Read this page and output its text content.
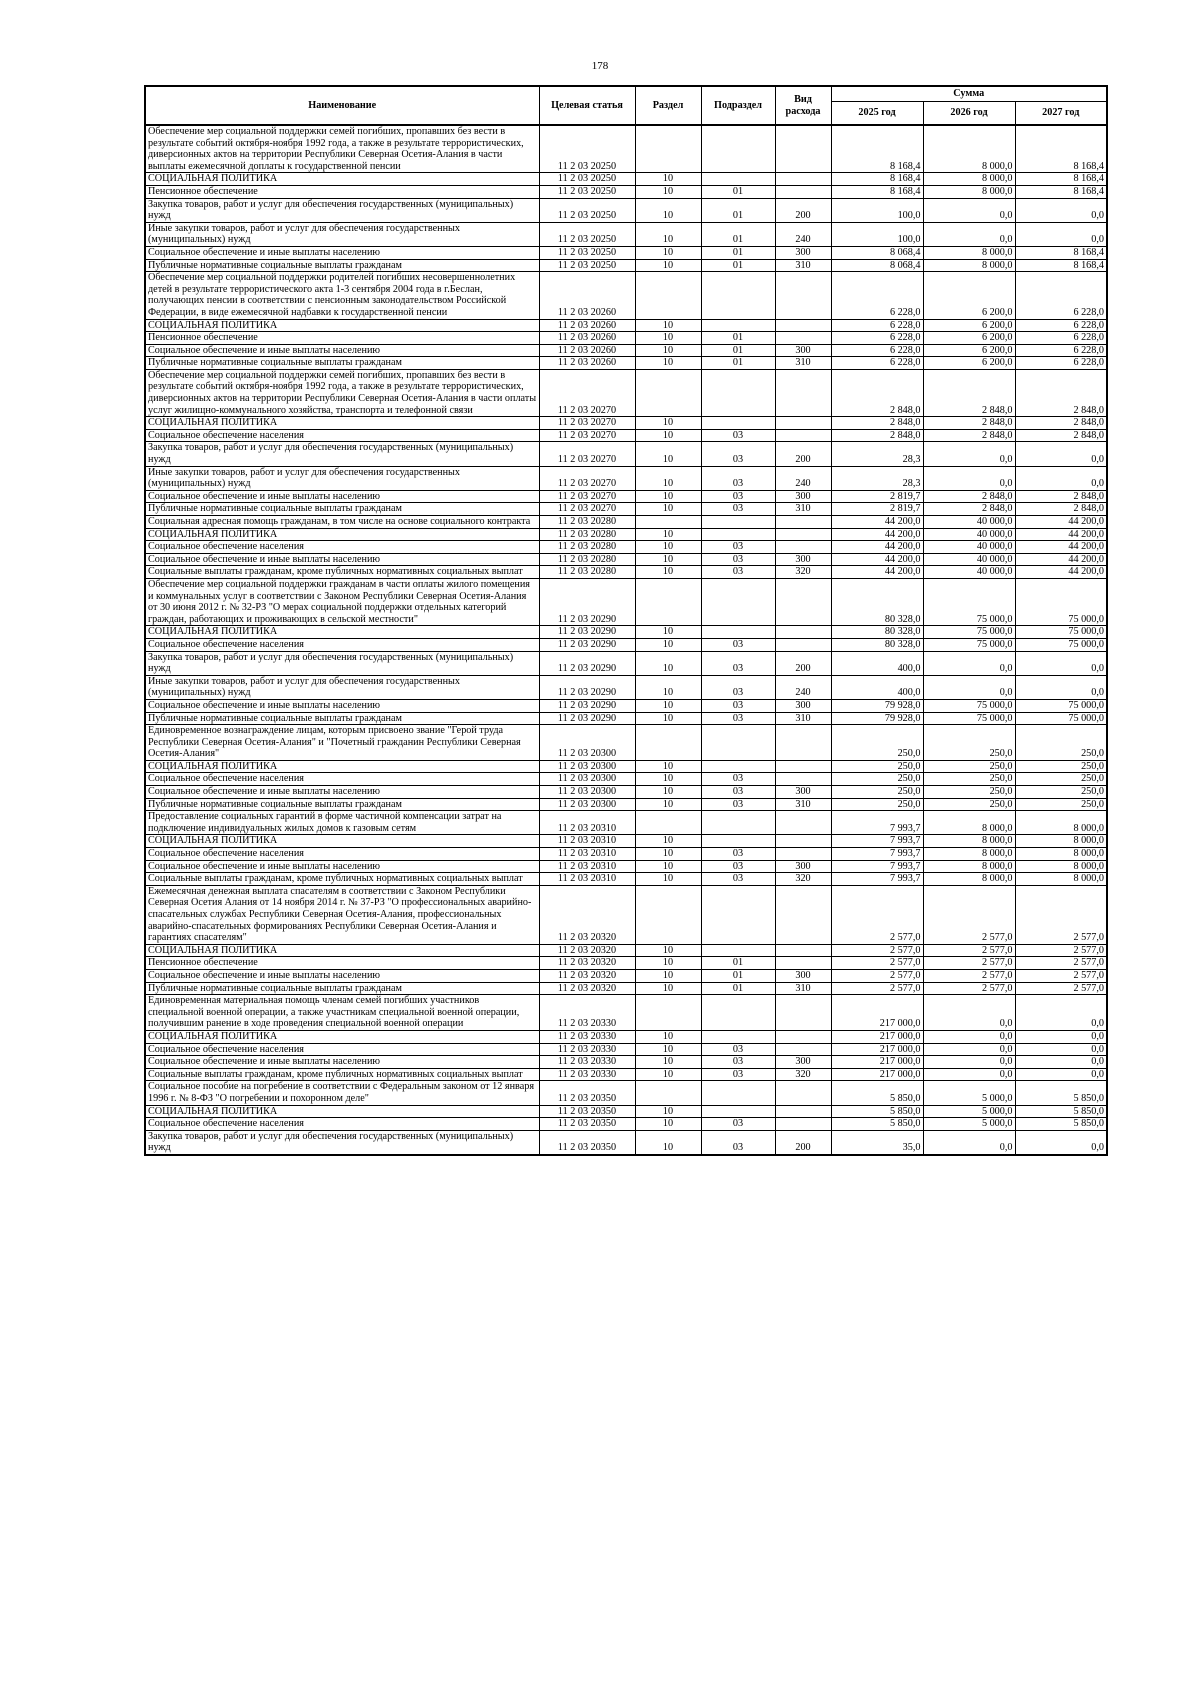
178
Наименование	Целевая статья	Раздел	Подраздел	Вид расхода	Сумма		
					2025 год	2026 год	2027 год
Обеспечение мер социальной поддержки семей погибших, пропавших без вести в результате событий октября-ноября 1992 года, а также в результате террористических, диверсионных актов на территории Республики Северная Осетия-Алания в части выплаты ежемесячной доплаты к государственной пенсии	11 2 03 20250				8 168,4	8 000,0	8 168,4
СОЦИАЛЬНАЯ ПОЛИТИКА	11 2 03 20250	10			8 168,4	8 000,0	8 168,4
Пенсионное обеспечение	11 2 03 20250	10	01		8 168,4	8 000,0	8 168,4
Закупка товаров, работ и услуг для обеспечения государственных (муниципальных) нужд	11 2 03 20250	10	01	200	100,0	0,0	0,0
Иные закупки товаров, работ и услуг для обеспечения государственных (муниципальных) нужд	11 2 03 20250	10	01	240	100,0	0,0	0,0
Социальное обеспечение и иные выплаты населению	11 2 03 20250	10	01	300	8 068,4	8 000,0	8 168,4
Публичные нормативные социальные выплаты гражданам	11 2 03 20250	10	01	310	8 068,4	8 000,0	8 168,4
Обеспечение мер социальной поддержки родителей погибших несовершеннолетних детей в результате террористического акта 1-3 сентября 2004 года в г.Беслан, получающих пенсии в соответствии с пенсионным законодательством Российской Федерации, в виде ежемесячной надбавки к государственной пенсии	11 2 03 20260				6 228,0	6 200,0	6 228,0
СОЦИАЛЬНАЯ ПОЛИТИКА	11 2 03 20260	10			6 228,0	6 200,0	6 228,0
Пенсионное обеспечение	11 2 03 20260	10	01		6 228,0	6 200,0	6 228,0
Социальное обеспечение и иные выплаты населению	11 2 03 20260	10	01	300	6 228,0	6 200,0	6 228,0
Публичные нормативные социальные выплаты гражданам	11 2 03 20260	10	01	310	6 228,0	6 200,0	6 228,0
Обеспечение мер социальной поддержки семей погибших, пропавших без вести в результате событий октября-ноября 1992 года, а также в результате террористических, диверсионных актов на территории Республики Северная Осетия-Алания в части оплаты услуг жилищно-коммунального хозяйства, транспорта и телефонной связи	11 2 03 20270				2 848,0	2 848,0	2 848,0
СОЦИАЛЬНАЯ ПОЛИТИКА	11 2 03 20270	10			2 848,0	2 848,0	2 848,0
Социальное обеспечение населения	11 2 03 20270	10	03		2 848,0	2 848,0	2 848,0
Закупка товаров, работ и услуг для обеспечения государственных (муниципальных) нужд	11 2 03 20270	10	03	200	28,3	0,0	0,0
Иные закупки товаров, работ и услуг для обеспечения государственных (муниципальных) нужд	11 2 03 20270	10	03	240	28,3	0,0	0,0
Социальное обеспечение и иные выплаты населению	11 2 03 20270	10	03	300	2 819,7	2 848,0	2 848,0
Публичные нормативные социальные выплаты гражданам	11 2 03 20270	10	03	310	2 819,7	2 848,0	2 848,0
Социальная адресная помощь гражданам, в том числе на основе социального контракта	11 2 03 20280				44 200,0	40 000,0	44 200,0
СОЦИАЛЬНАЯ ПОЛИТИКА	11 2 03 20280	10			44 200,0	40 000,0	44 200,0
Социальное обеспечение населения	11 2 03 20280	10	03		44 200,0	40 000,0	44 200,0
Социальное обеспечение и иные выплаты населению	11 2 03 20280	10	03	300	44 200,0	40 000,0	44 200,0
Социальные выплаты гражданам, кроме публичных нормативных социальных выплат	11 2 03 20280	10	03	320	44 200,0	40 000,0	44 200,0
Обеспечение мер социальной поддержки гражданам в части оплаты жилого помещения и коммунальных услуг в соответствии с Законом Республики Северная Осетия-Алания от 30 июня 2012 г. № 32-РЗ "О мерах социальной поддержки отдельных категорий граждан, работающих и проживающих в сельской местности"	11 2 03 20290				80 328,0	75 000,0	75 000,0
СОЦИАЛЬНАЯ ПОЛИТИКА	11 2 03 20290	10			80 328,0	75 000,0	75 000,0
Социальное обеспечение населения	11 2 03 20290	10	03		80 328,0	75 000,0	75 000,0
Закупка товаров, работ и услуг для обеспечения государственных (муниципальных) нужд	11 2 03 20290	10	03	200	400,0	0,0	0,0
Иные закупки товаров, работ и услуг для обеспечения государственных (муниципальных) нужд	11 2 03 20290	10	03	240	400,0	0,0	0,0
Социальное обеспечение и иные выплаты населению	11 2 03 20290	10	03	300	79 928,0	75 000,0	75 000,0
Публичные нормативные социальные выплаты гражданам	11 2 03 20290	10	03	310	79 928,0	75 000,0	75 000,0
Единовременное вознаграждение лицам, которым присвоено звание "Герой труда Республики Северная Осетия-Алания" и "Почетный гражданин Республики Северная Осетия-Алания"	11 2 03 20300				250,0	250,0	250,0
СОЦИАЛЬНАЯ ПОЛИТИКА	11 2 03 20300	10			250,0	250,0	250,0
Социальное обеспечение населения	11 2 03 20300	10	03		250,0	250,0	250,0
Социальное обеспечение и иные выплаты населению	11 2 03 20300	10	03	300	250,0	250,0	250,0
Публичные нормативные социальные выплаты гражданам	11 2 03 20300	10	03	310	250,0	250,0	250,0
Предоставление социальных гарантий в форме частичной компенсации затрат на подключение индивидуальных жилых домов к газовым сетям	11 2 03 20310				7 993,7	8 000,0	8 000,0
СОЦИАЛЬНАЯ ПОЛИТИКА	11 2 03 20310	10			7 993,7	8 000,0	8 000,0
Социальное обеспечение населения	11 2 03 20310	10	03		7 993,7	8 000,0	8 000,0
Социальное обеспечение и иные выплаты населению	11 2 03 20310	10	03	300	7 993,7	8 000,0	8 000,0
Социальные выплаты гражданам, кроме публичных нормативных социальных выплат	11 2 03 20310	10	03	320	7 993,7	8 000,0	8 000,0
Ежемесячная денежная выплата спасателям в соответствии с Законом Республики Северная Осетия Алания от 14 ноября 2014 г. № 37-РЗ "О профессиональных аварийно-спасательных службах Республики Северная Осетия-Алания, профессиональных аварийно-спасательных формированиях Республики Северная Осетия-Алания и гарантиях спасателям"	11 2 03 20320				2 577,0	2 577,0	2 577,0
СОЦИАЛЬНАЯ ПОЛИТИКА	11 2 03 20320	10			2 577,0	2 577,0	2 577,0
Пенсионное обеспечение	11 2 03 20320	10	01		2 577,0	2 577,0	2 577,0
Социальное обеспечение и иные выплаты населению	11 2 03 20320	10	01	300	2 577,0	2 577,0	2 577,0
Публичные нормативные социальные выплаты гражданам	11 2 03 20320	10	01	310	2 577,0	2 577,0	2 577,0
Единовременная материальная помощь членам семей погибших участников специальной военной операции, а также участникам специальной военной операции, получившим ранение в ходе проведения специальной военной операции	11 2 03 20330				217 000,0	0,0	0,0
СОЦИАЛЬНАЯ ПОЛИТИКА	11 2 03 20330	10			217 000,0	0,0	0,0
Социальное обеспечение населения	11 2 03 20330	10	03		217 000,0	0,0	0,0
Социальное обеспечение и иные выплаты населению	11 2 03 20330	10	03	300	217 000,0	0,0	0,0
Социальные выплаты гражданам, кроме публичных нормативных социальных выплат	11 2 03 20330	10	03	320	217 000,0	0,0	0,0
Социальное пособие на погребение в соответствии с Федеральным законом от 12 января 1996 г. № 8-ФЗ "О погребении и похоронном деле"	11 2 03 20350				5 850,0	5 000,0	5 850,0
СОЦИАЛЬНАЯ ПОЛИТИКА	11 2 03 20350	10			5 850,0	5 000,0	5 850,0
Социальное обеспечение населения	11 2 03 20350	10	03		5 850,0	5 000,0	5 850,0
Закупка товаров, работ и услуг для обеспечения государственных (муниципальных) нужд	11 2 03 20350	10	03	200	35,0	0,0	0,0
